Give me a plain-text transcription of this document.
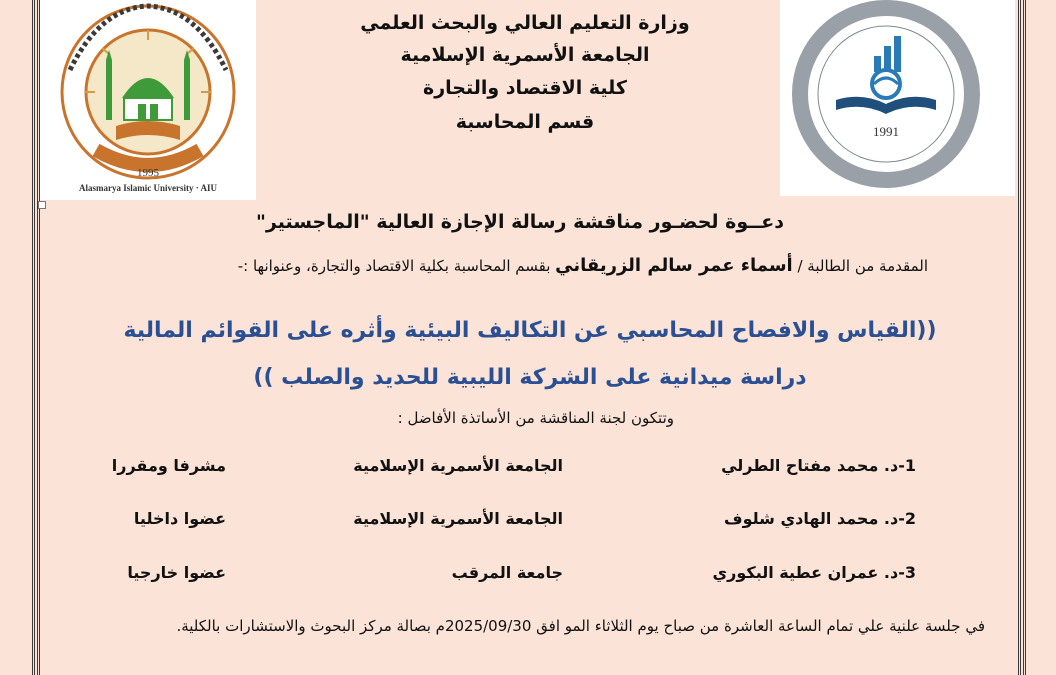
1995
Alasmarya Islamic University · AIU
1991
وزارة التعليم العالي والبحث العلمي
الجامعة الأسمرية الإسلامية
كلية الاقتصاد والتجارة
قسم المحاسبة
دعــوة لحضـور مناقشة رسالة الإجازة العالية "الماجستير"
المقدمة من الطالبة / أسماء عمر سالم الزريقاني بقسم المحاسبة بكلية الاقتصاد والتجارة، وعنوانها :-
((القياس والافصاح المحاسبي عن التكاليف البيئية وأثره على القوائم المالية
دراسة ميدانية على الشركة الليبية للحديد والصلب ))
وتتكون لجنة المناقشة من الأساتذة الأفاضل :
1-د. محمد مفتاح الطرلي
الجامعة الأسمرية الإسلامية
مشرفا ومقررا
2-د. محمد الهادي شلوف
الجامعة الأسمرية الإسلامية
عضوا داخليا
3-د. عمران عطية البكوري
جامعة المرقب
عضوا خارجيا
في جلسة علنية علي تمام الساعة العاشرة من صباح يوم الثلاثاء المو افق 2025/09/30م بصالة مركز البحوث والاستشارات بالكلية.
